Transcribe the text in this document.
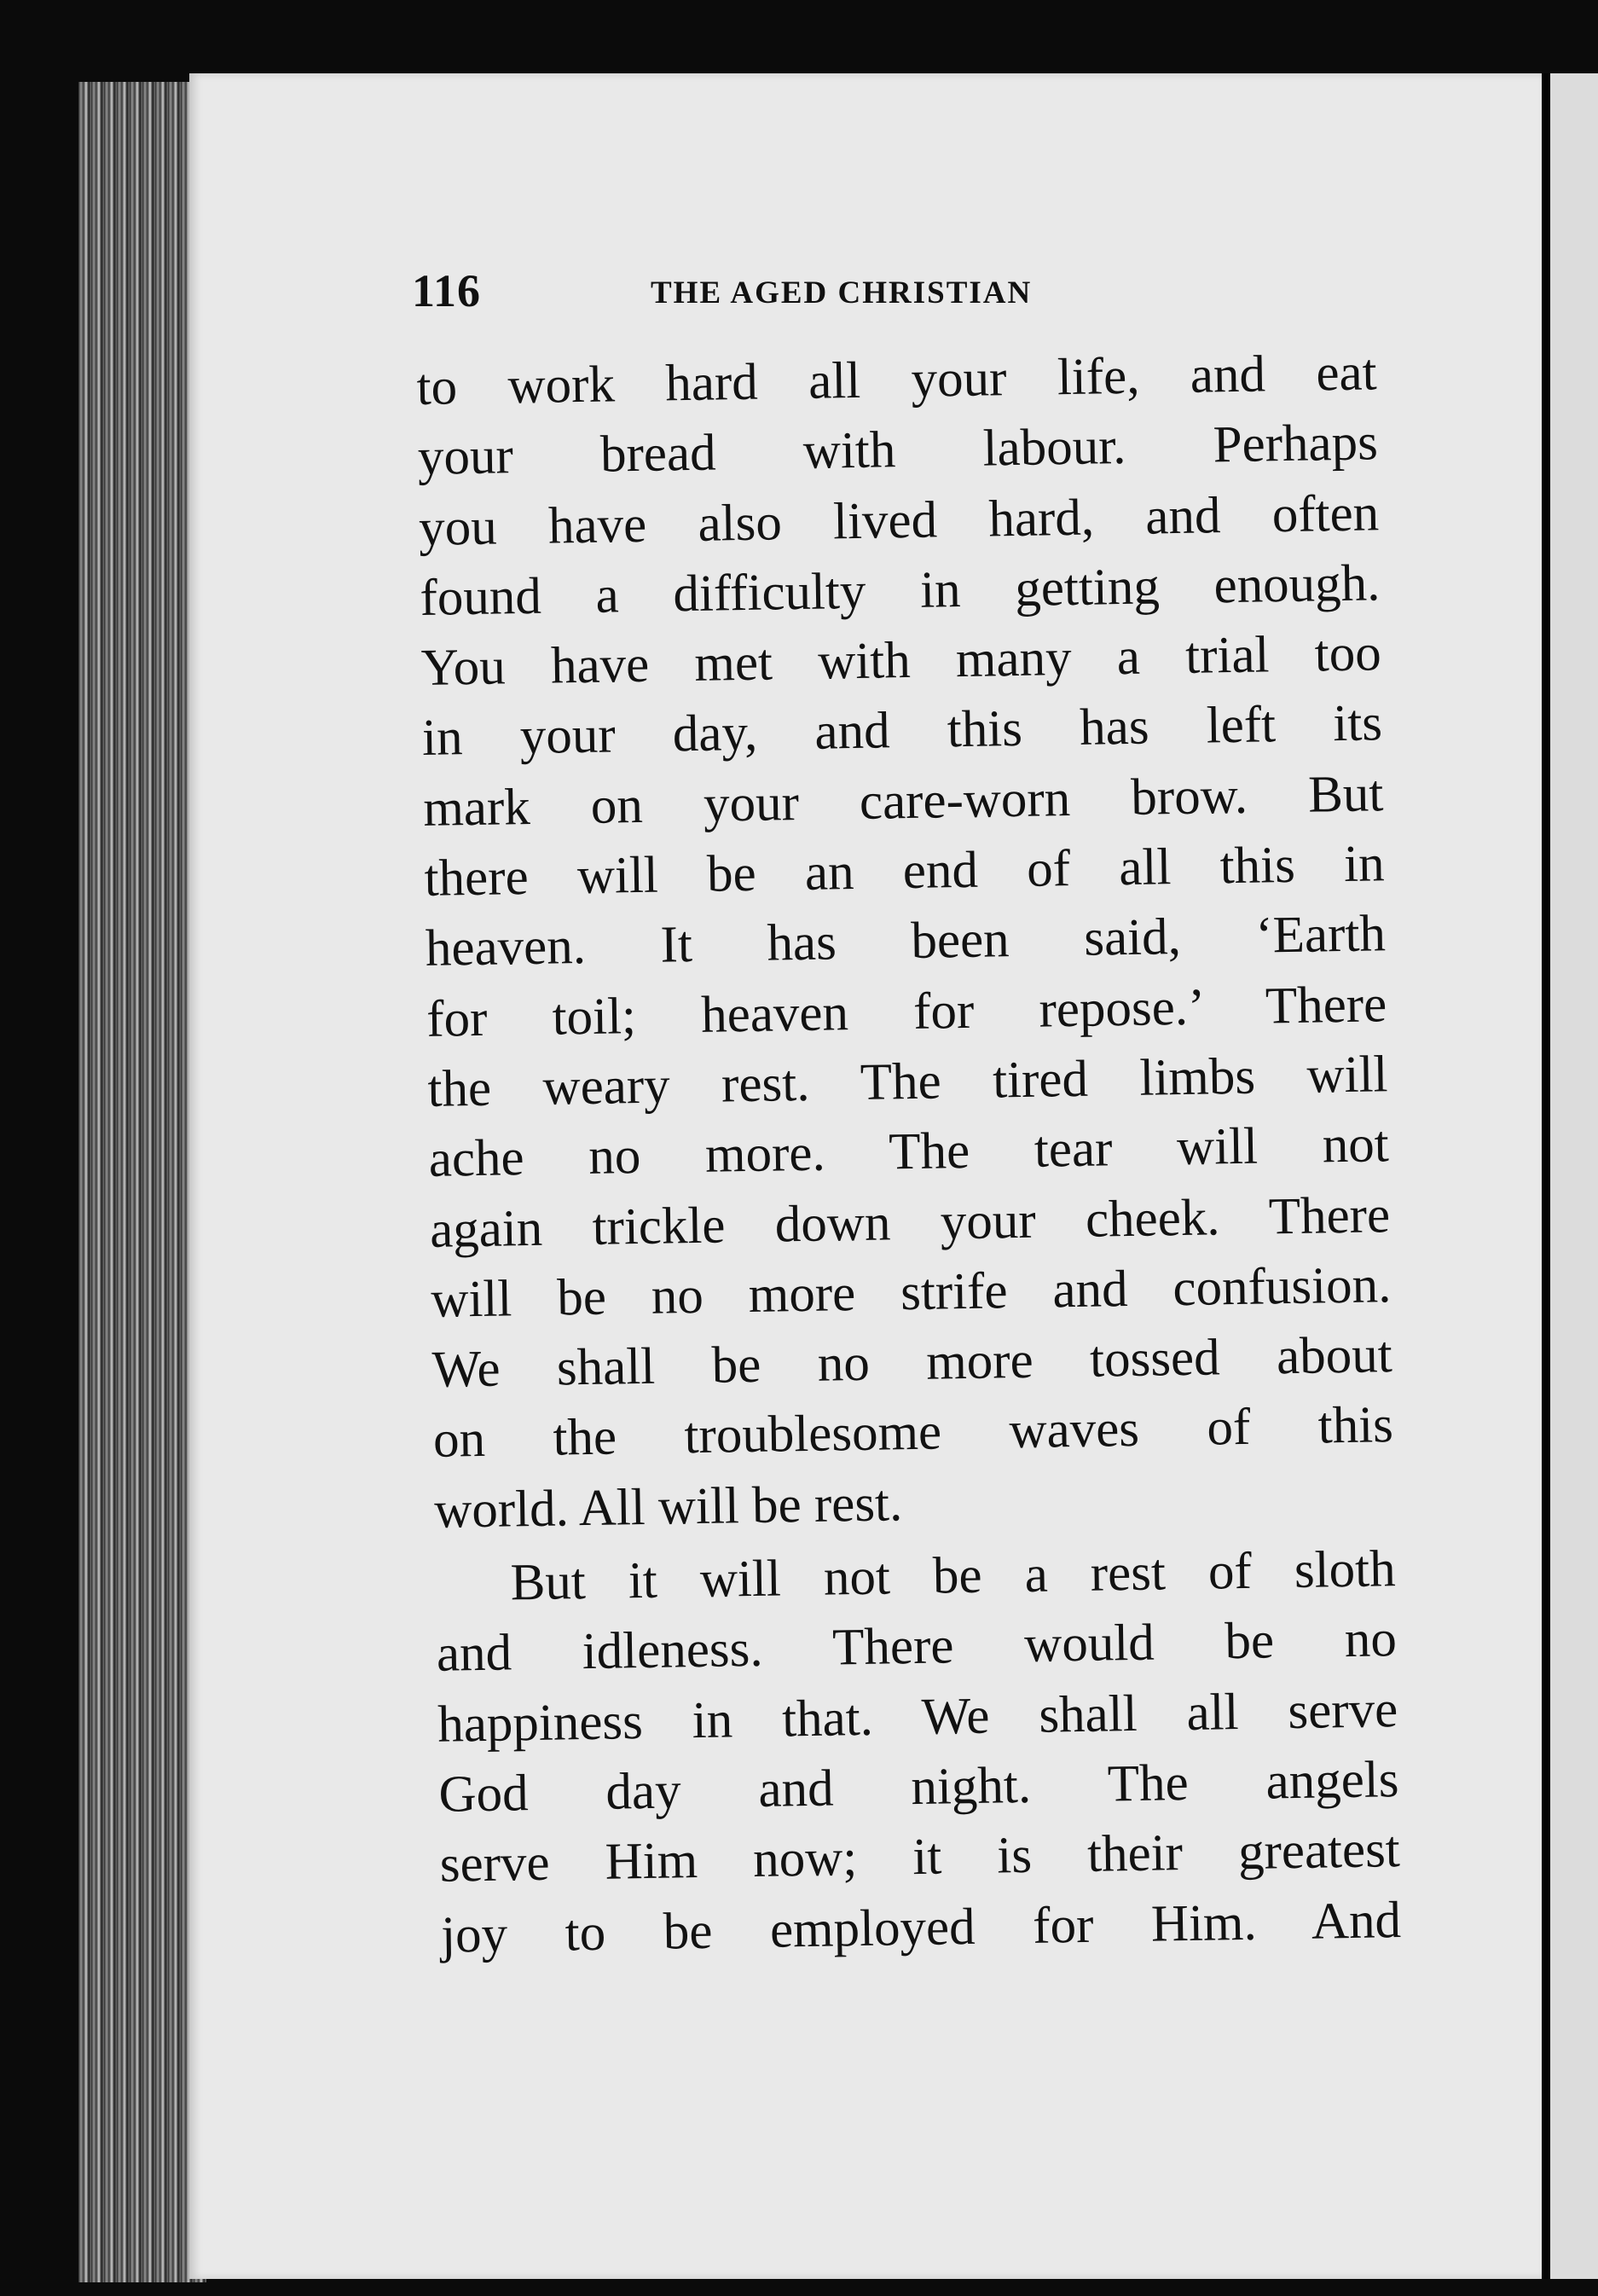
116	THE AGED CHRISTIAN
to work hard all your life, and eat
your bread with labour. Perhaps
you have also lived hard, and often
found a difficulty in getting enough.
You have met with many a trial too
in your day, and this has left its
mark on your care-worn brow. But
there will be an end of all this in
heaven. It has been said, ‘Earth
for toil; heaven for repose.’ There
the weary rest. The tired limbs will
ache no more. The tear will not
again trickle down your cheek. There
will be no more strife and confusion.
We shall be no more tossed about
on the troublesome waves of this
world. All will be rest.
But it will not be a rest of sloth
and idleness. There would be no
happiness in that. We shall all serve
God day and night. The angels
serve Him now; it is their greatest
joy to be employed for Him. And
